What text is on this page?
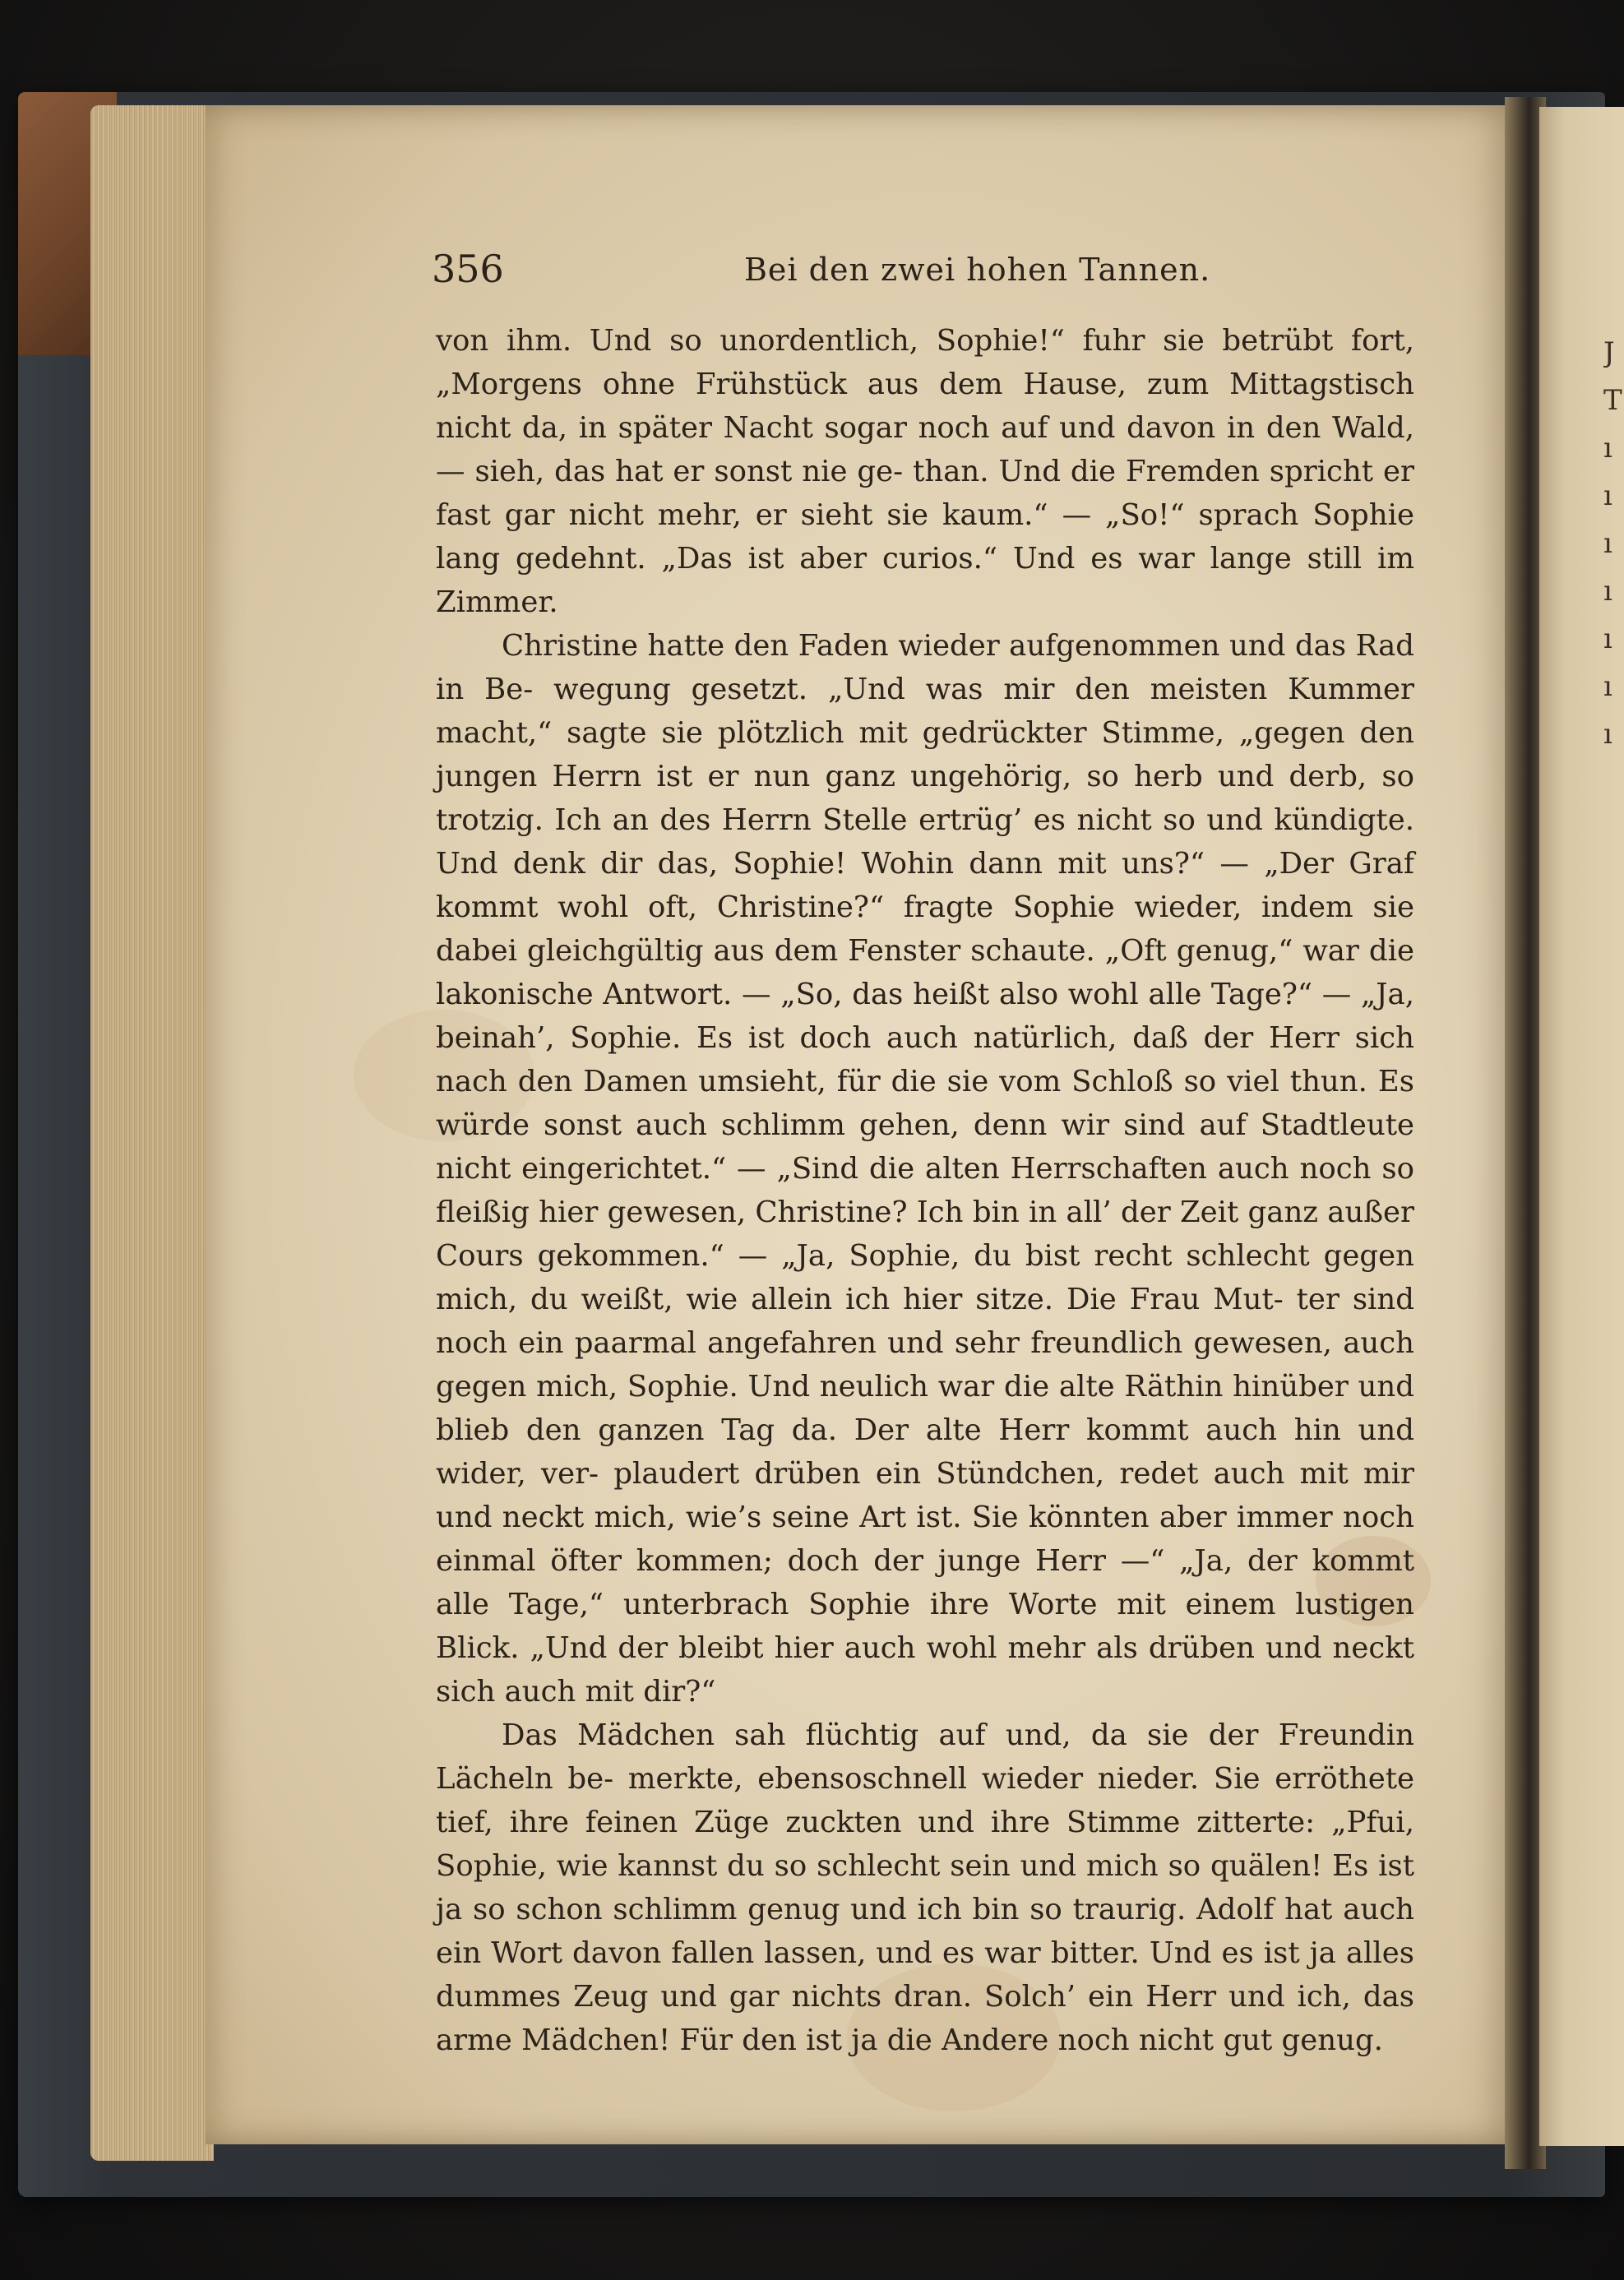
J
T
ı
ı
ı
ı
ı
ı
ı
356	Bei den zwei hohen Tannen.

von ihm. Und so unordentlich, Sophie!“ fuhr sie betrübt fort, „Morgens ohne Frühstück aus dem Hause, zum Mittagstisch nicht da, in später Nacht sogar noch auf und davon in den Wald, — sieh, das hat er sonst nie ge- than. Und die Fremden spricht er fast gar nicht mehr, er sieht sie kaum.“ — „So!“ sprach Sophie lang gedehnt. „Das ist aber curios.“ Und es war lange still im Zimmer.

Christine hatte den Faden wieder aufgenommen und das Rad in Be- wegung gesetzt. „Und was mir den meisten Kummer macht,“ sagte sie plötzlich mit gedrückter Stimme, „gegen den jungen Herrn ist er nun ganz ungehörig, so herb und derb, so trotzig. Ich an des Herrn Stelle ertrüg’ es nicht so und kündigte. Und denk dir das, Sophie! Wohin dann mit uns?“ — „Der Graf kommt wohl oft, Christine?“ fragte Sophie wieder, indem sie dabei gleichgültig aus dem Fenster schaute. „Oft genug,“ war die lakonische Antwort. — „So, das heißt also wohl alle Tage?“ — „Ja, beinah’, Sophie. Es ist doch auch natürlich, daß der Herr sich nach den Damen umsieht, für die sie vom Schloß so viel thun. Es würde sonst auch schlimm gehen, denn wir sind auf Stadtleute nicht eingerichtet.“ — „Sind die alten Herrschaften auch noch so fleißig hier gewesen, Christine? Ich bin in all’ der Zeit ganz außer Cours gekommen.“ — „Ja, Sophie, du bist recht schlecht gegen mich, du weißt, wie allein ich hier sitze. Die Frau Mut- ter sind noch ein paarmal angefahren und sehr freundlich gewesen, auch gegen mich, Sophie. Und neulich war die alte Räthin hinüber und blieb den ganzen Tag da. Der alte Herr kommt auch hin und wider, ver- plaudert drüben ein Stündchen, redet auch mit mir und neckt mich, wie’s seine Art ist. Sie könnten aber immer noch einmal öfter kommen; doch der junge Herr —“ „Ja, der kommt alle Tage,“ unterbrach Sophie ihre Worte mit einem lustigen Blick. „Und der bleibt hier auch wohl mehr als drüben und neckt sich auch mit dir?“

Das Mädchen sah flüchtig auf und, da sie der Freundin Lächeln be- merkte, ebensoschnell wieder nieder. Sie erröthete tief, ihre feinen Züge zuckten und ihre Stimme zitterte: „Pfui, Sophie, wie kannst du so schlecht sein und mich so quälen! Es ist ja so schon schlimm genug und ich bin so traurig. Adolf hat auch ein Wort davon fallen lassen, und es war bitter. Und es ist ja alles dummes Zeug und gar nichts dran. Solch’ ein Herr und ich, das arme Mädchen! Für den ist ja die Andere noch nicht gut genug.
